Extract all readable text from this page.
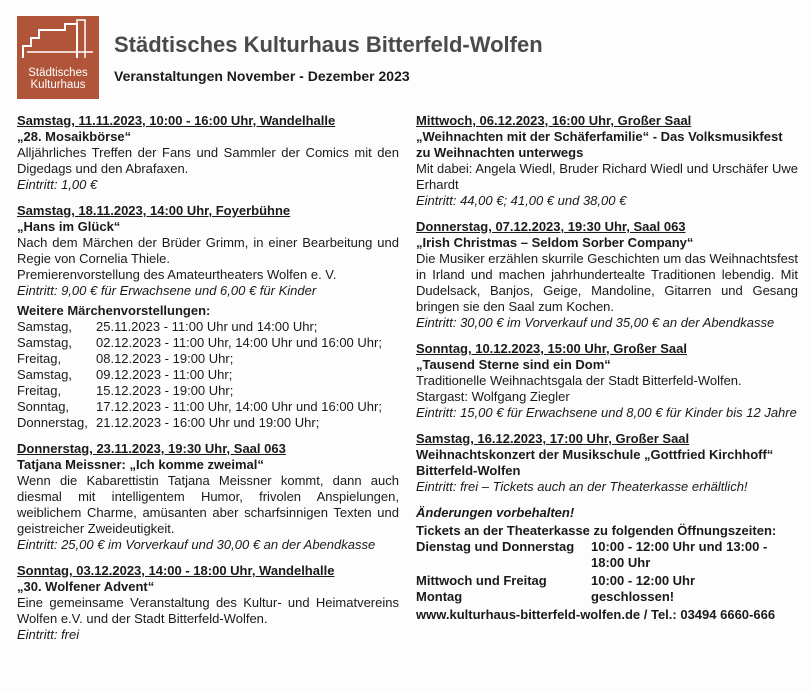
Städtisches
Kulturhaus
Städtisches Kulturhaus Bitterfeld-Wolfen
Veranstaltungen November - Dezember 2023
Samstag, 11.11.2023, 10:00 - 16:00 Uhr, Wandelhalle
„28. Mosaikbörse“
Alljährliches Treffen der Fans und Sammler der Comics mit den Digedags und den Abrafaxen.
Eintritt: 1,00 €
Samstag, 18.11.2023, 14:00 Uhr, Foyerbühne
„Hans im Glück“
Nach dem Märchen der Brüder Grimm, in einer Bearbeitung und Regie von Cornelia Thiele.
Premierenvorstellung des Amateurtheaters Wolfen e. V.
Eintritt: 9,00 € für Erwachsene und 6,00 € für Kinder
Weitere Märchenvorstellungen:
Samstag,	25.11.2023 - 11:00 Uhr und 14:00 Uhr;
Samstag,	02.12.2023 - 11:00 Uhr, 14:00 Uhr und 16:00 Uhr;
Freitag,	08.12.2023 - 19:00 Uhr;
Samstag,	09.12.2023 - 11:00 Uhr;
Freitag,	15.12.2023 - 19:00 Uhr;
Sonntag,	17.12.2023 - 11:00 Uhr, 14:00 Uhr und 16:00 Uhr;
Donnerstag, 21.12.2023 - 16:00 Uhr und 19:00 Uhr;
Donnerstag, 23.11.2023, 19:30 Uhr, Saal 063
Tatjana Meissner: „Ich komme zweimal“
Wenn die Kabarettistin Tatjana Meissner kommt, dann auch diesmal mit intelligentem Humor, frivolen Anspielungen, weiblichem Charme, amüsanten aber scharfsinnigen Texten und geistreicher Zweideutigkeit.
Eintritt: 25,00 € im Vorverkauf und 30,00 € an der Abendkasse
Sonntag, 03.12.2023, 14:00 - 18:00 Uhr, Wandelhalle
„30. Wolfener Advent“
Eine gemeinsame Veranstaltung des Kultur- und Heimatvereins Wolfen e.V. und der Stadt Bitterfeld-Wolfen.
Eintritt: frei
Mittwoch, 06.12.2023, 16:00 Uhr, Großer Saal
„Weihnachten mit der Schäferfamilie“ - Das Volksmusikfest zu Weihnachten unterwegs
Mit dabei: Angela Wiedl, Bruder Richard Wiedl und Urschäfer Uwe Erhardt
Eintritt: 44,00 €; 41,00 € und 38,00 €
Donnerstag, 07.12.2023, 19:30 Uhr, Saal 063
„Irish Christmas – Seldom Sorber Company“
Die Musiker erzählen skurrile Geschichten um das Weihnachtsfest in Irland und machen jahrhundertealte Traditionen lebendig. Mit Dudelsack, Banjos, Geige, Mandoline, Gitarren und Gesang bringen sie den Saal zum Kochen.
Eintritt: 30,00 € im Vorverkauf und 35,00 € an der Abendkasse
Sonntag, 10.12.2023, 15:00 Uhr, Großer Saal
„Tausend Sterne sind ein Dom“
Traditionelle Weihnachtsgala der Stadt Bitterfeld-Wolfen.
Stargast: Wolfgang Ziegler
Eintritt: 15,00 € für Erwachsene und 8,00 € für Kinder bis 12 Jahre
Samstag, 16.12.2023, 17:00 Uhr, Großer Saal
Weihnachtskonzert der Musikschule „Gottfried Kirchhoff“ Bitterfeld-Wolfen
Eintritt: frei – Tickets auch an der Theaterkasse erhältlich!
Änderungen vorbehalten!
Tickets an der Theaterkasse zu folgenden Öffnungszeiten:
Dienstag und Donnerstag	10:00 - 12:00 Uhr und 13:00 - 18:00 Uhr
Mittwoch und Freitag	10:00 - 12:00 Uhr
Montag	geschlossen!
www.kulturhaus-bitterfeld-wolfen.de / Tel.: 03494 6660-666
